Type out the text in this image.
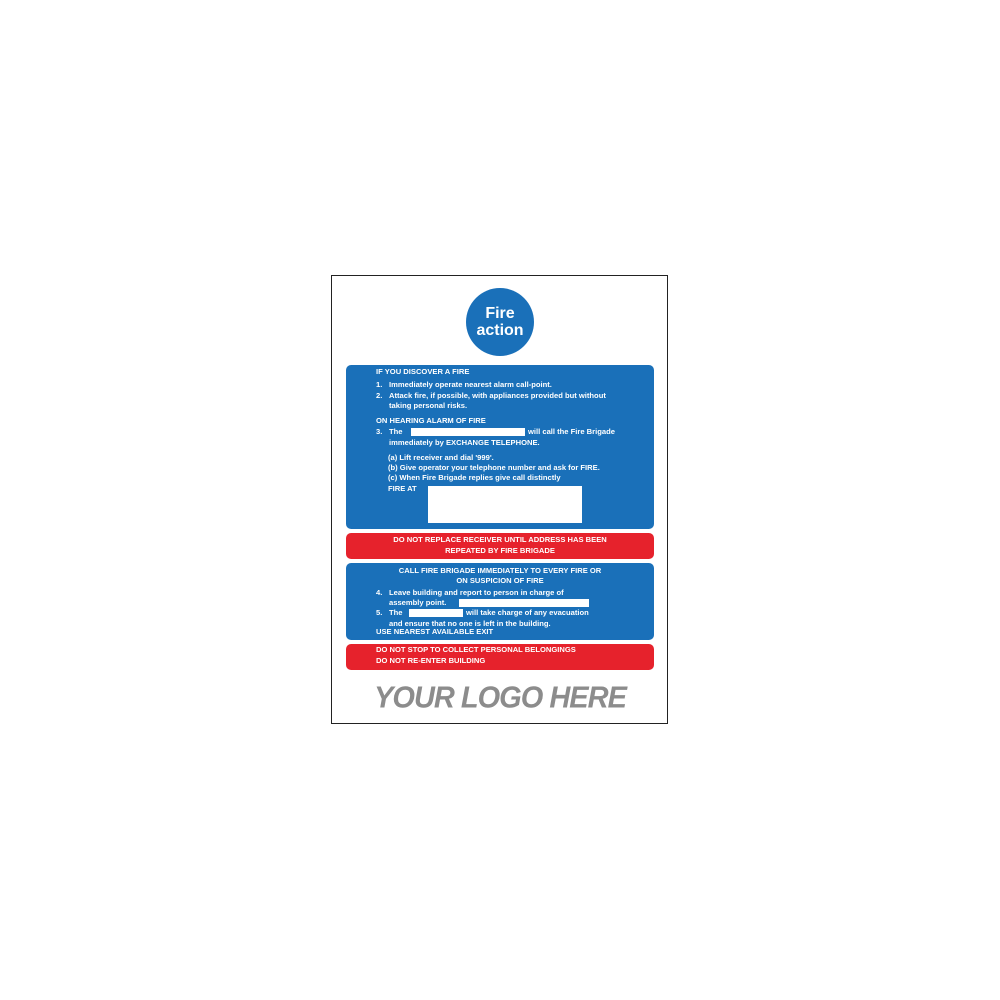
Fire
action
IF YOU DISCOVER A FIRE
1. Immediately operate nearest alarm call-point.
2. Attack fire, if possible, with appliances provided but without
taking personal risks.
ON HEARING ALARM OF FIRE
3. The	will call the Fire Brigade
immediately by EXCHANGE TELEPHONE.
(a) Lift receiver and dial '999'.
(b) Give operator your telephone number and ask for FIRE.
(c) When Fire Brigade replies give call distinctly
FIRE AT
DO NOT REPLACE RECEIVER UNTIL ADDRESS HAS BEEN
REPEATED BY FIRE BRIGADE
CALL FIRE BRIGADE IMMEDIATELY TO EVERY FIRE OR
ON SUSPICION OF FIRE
4. Leave building and report to person in charge of
assembly point.
5. The	will take charge of any evacuation
and ensure that no one is left in the building.
USE NEAREST AVAILABLE EXIT
DO NOT STOP TO COLLECT PERSONAL BELONGINGS
DO NOT RE-ENTER BUILDING
YOUR LOGO HERE
